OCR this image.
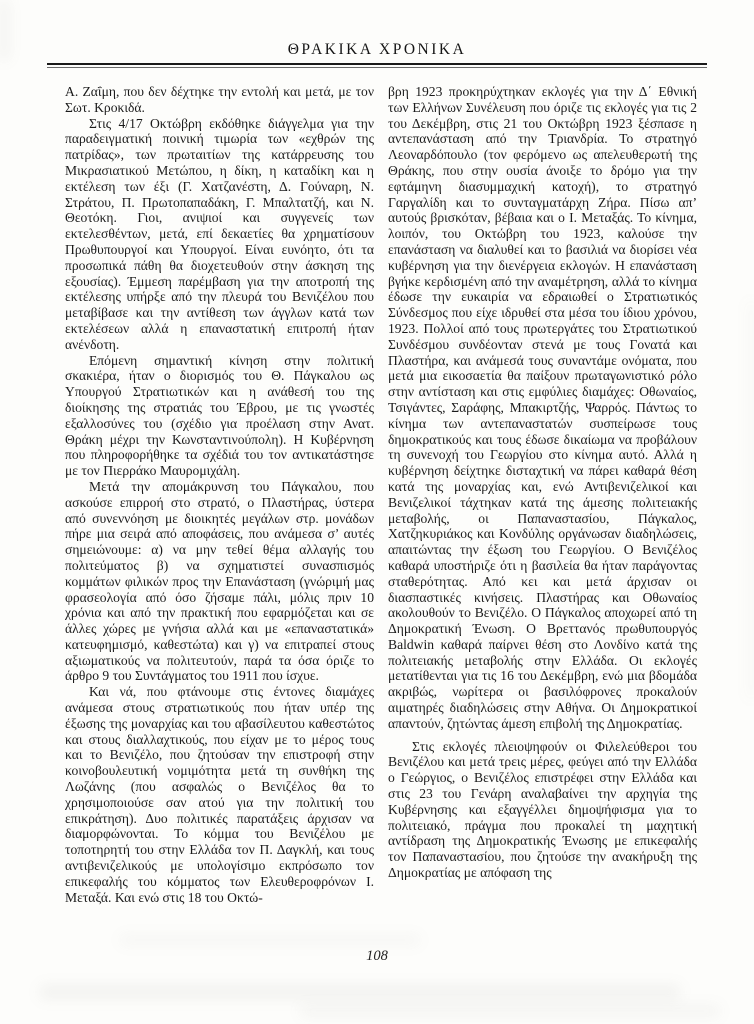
ΘΡΑΚΙΚΑ ΧΡΟΝΙΚΑ

Α. Ζαΐμη, που δεν δέχτηκε την εντολή και μετά, με τον Σωτ. Κροκιδά.

Στις 4/17 Οκτώβρη εκδόθηκε διάγγελμα για την παραδειγματική ποινική τιμωρία των «εχθρών της πατρίδας», των πρωταιτίων της κατάρρευσης του Μικρασιατικού Μετώπου, η δίκη, η καταδίκη και η εκτέλεση των έξι (Γ. Χατζανέστη, Δ. Γούναρη, Ν. Στράτου, Π. Πρωτοπαπαδάκη, Γ. Μπαλτατζή, και Ν. Θεοτόκη. Γιοι, ανιψιοί και συγγενείς των εκτελεσθέντων, μετά, επί δεκαετίες θα χρηματίσουν Πρωθυπουργοί και Υπουργοί. Είναι ευνόητο, ότι τα προσωπικά πάθη θα διοχετευθούν στην άσκηση της εξουσίας). Έμμεση παρέμβαση για την αποτροπή της εκτέλεσης υπήρξε από την πλευρά του Βενιζέλου που μεταβίβασε και την αντίθεση των άγγλων κατά των εκτελέσεων αλλά η επαναστατική επιτροπή ήταν ανένδοτη.

Επόμενη σημαντική κίνηση στην πολιτική σκακιέρα, ήταν ο διορισμός του Θ. Πάγκαλου ως Υπουργού Στρατιωτικών και η ανάθεσή του της διοίκησης της στρατιάς του Έβρου, με τις γνωστές εξαλλοσύνες του (σχέδιο για προέλαση στην Ανατ. Θράκη μέχρι την Κωνσταντινούπολη). Η Κυβέρνηση που πληροφορήθηκε τα σχέδιά του τον αντικατάστησε με τον Πιερράκο Μαυρομιχάλη.

Μετά την απομάκρυνση του Πάγκαλου, που ασκούσε επιρροή στο στρατό, ο Πλαστήρας, ύστερα από συνεννόηση με διοικητές μεγάλων στρ. μονάδων πήρε μια σειρά από αποφάσεις, που ανάμεσα σ’ αυτές σημειώνουμε: α) να μην τεθεί θέμα αλλαγής του πολιτεύματος β) να σχηματιστεί συνασπισμός κομμάτων φιλικών προς την Επανάσταση (γνώριμή μας φρασεολογία από όσο ζήσαμε πάλι, μόλις πριν 10 χρόνια και από την πρακτική που εφαρμόζεται και σε άλλες χώρες με γνήσια αλλά και με «επαναστατικά» κατευφημισμό, καθεστώτα) και γ) να επιτραπεί στους αξιωματικούς να πολιτευτούν, παρά τα όσα όριζε το άρθρο 9 του Συντάγματος του 1911 που ίσχυε.

Και νά, που φτάνουμε στις έντονες διαμάχες ανάμεσα στους στρατιωτικούς που ήταν υπέρ της έξωσης της μοναρχίας και του αβασίλευτου καθεστώτος και στους διαλλαχτικούς, που είχαν με το μέρος τους και το Βενιζέλο, που ζητούσαν την επιστροφή στην κοινοβουλευτική νομιμότητα μετά τη συνθήκη της Λωζάνης (που ασφαλώς ο Βενιζέλος θα το χρησιμοποιούσε σαν ατού για την πολιτική του επικράτηση). Δυο πολιτικές παρατάξεις άρχισαν να διαμορφώνονται. Το κόμμα του Βενιζέλου με τοποτηρητή του στην Ελλάδα τον Π. Δαγκλή, και τους αντιβενιζελικούς με υπολογίσιμο εκπρόσωπο τον επικεφαλής του κόμματος των Ελευθεροφρόνων Ι. Μεταξά. Και ενώ στις 18 του Οκτώ-

βρη 1923 προκηρύχτηκαν εκλογές για την Δ΄ Εθνική των Ελλήνων Συνέλευση που όριζε τις εκλογές για τις 2 του Δεκέμβρη, στις 21 του Οκτώβρη 1923 ξέσπασε η αντεπανάσταση από την Τριανδρία. Το στρατηγό Λεοναρδόπουλο (τον φερόμενο ως απελευθερωτή της Θράκης, που στην ουσία άνοιξε το δρόμο για την εφτάμηνη διασυμμαχική κατοχή), το στρατηγό Γαργαλίδη και το συνταγματάρχη Ζήρα. Πίσω απ’ αυτούς βρισκόταν, βέβαια και ο Ι. Μεταξάς. Το κίνημα, λοιπόν, του Οκτώβρη του 1923, καλούσε την επανάσταση να διαλυθεί και το βασιλιά να διορίσει νέα κυβέρνηση για την διενέργεια εκλογών. Η επανάσταση βγήκε κερδισμένη από την αναμέτρηση, αλλά το κίνημα έδωσε την ευκαιρία να εδραιωθεί ο Στρατιωτικός Σύνδεσμος που είχε ιδρυθεί στα μέσα του ίδιου χρόνου, 1923. Πολλοί από τους πρωτεργάτες του Στρατιωτικού Συνδέσμου συνδέονταν στενά με τους Γονατά και Πλαστήρα, και ανάμεσά τους συναντάμε ονόματα, που μετά μια εικοσαετία θα παίξουν πρωταγωνιστικό ρόλο στην αντίσταση και στις εμφύλιες διαμάχες: Οθωναίος, Τσιγάντες, Σαράφης, Μπακιρτζής, Ψαρρός. Πάντως το κίνημα των αντεπαναστατών συσπείρωσε τους δημοκρατικούς και τους έδωσε δικαίωμα να προβάλουν τη συνενοχή του Γεωργίου στο κίνημα αυτό. Αλλά η κυβέρνηση δείχτηκε δισταχτική να πάρει καθαρά θέση κατά της μοναρχίας και, ενώ Αντιβενιζελικοί και Βενιζελικοί τάχτηκαν κατά της άμεσης πολιτειακής μεταβολής, οι Παπαναστασίου, Πάγκαλος, Χατζηκυριάκος και Κονδύλης οργάνωσαν διαδηλώσεις, απαιτώντας την έξωση του Γεωργίου. Ο Βενιζέλος καθαρά υποστήριζε ότι η βασιλεία θα ήταν παράγοντας σταθερότητας. Από κει και μετά άρχισαν οι διασπαστικές κινήσεις. Πλαστήρας και Οθωναίος ακολουθούν το Βενιζέλο. Ο Πάγκαλος αποχωρεί από τη Δημοκρατική Ένωση. Ο Βρεττανός πρωθυπουργός Baldwin καθαρά παίρνει θέση στο Λονδίνο κατά της πολιτειακής μεταβολής στην Ελλάδα. Οι εκλογές μετατίθενται για τις 16 του Δεκέμβρη, ενώ μια βδομάδα ακριβώς, νωρίτερα οι βασιλόφρονες προκαλούν αιματηρές διαδηλώσεις στην Αθήνα. Οι Δημοκρατικοί απαντούν, ζητώντας άμεση επιβολή της Δημοκρατίας.

Στις εκλογές πλειοψηφούν οι Φιλελεύθεροι του Βενιζέλου και μετά τρεις μέρες, φεύγει από την Ελλάδα ο Γεώργιος, ο Βενιζέλος επιστρέφει στην Ελλάδα και στις 23 του Γενάρη αναλαβαίνει την αρχηγία της Κυβέρνησης και εξαγγέλλει δημοψήφισμα για το πολιτειακό, πράγμα που προκαλεί τη μαχητική αντίδραση της Δημοκρατικής Ένωσης με επικεφαλής τον Παπαναστασίου, που ζητούσε την ανακήρυξη της Δημοκρατίας με απόφαση της

108
